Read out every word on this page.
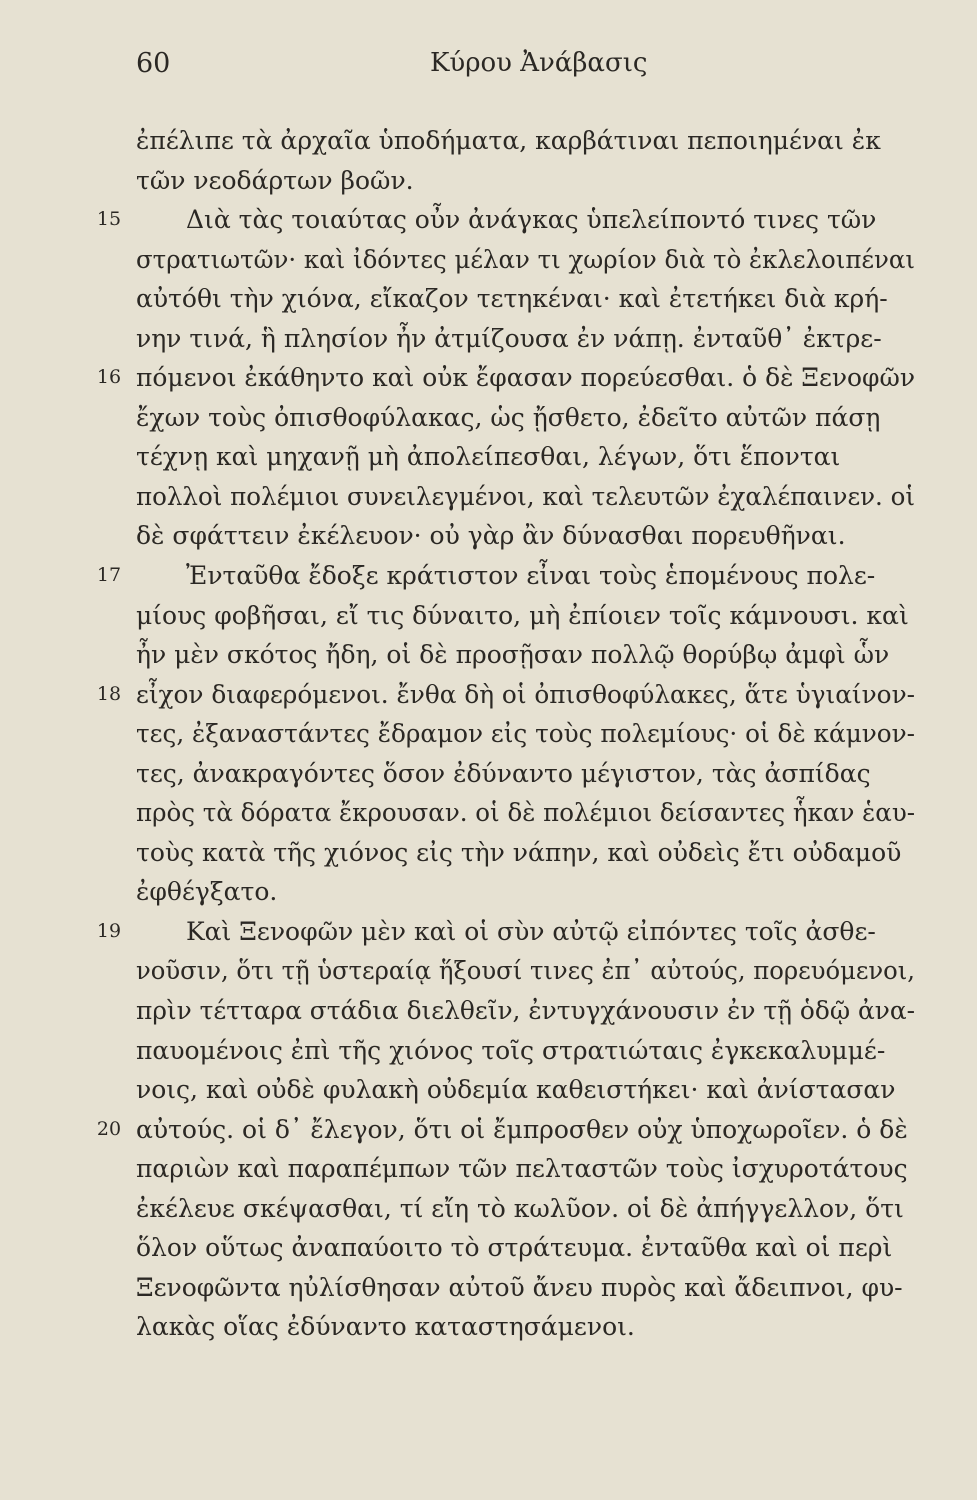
60	Κύρου Ἀνάβασις
ἐπέλιπε τὰ ἀρχαῖα ὑποδήματα, καρβάτιναι πεποιημέναι ἐκ
τῶν νεοδάρτων βοῶν.
15	Διὰ τὰς τοιαύτας οὖν ἀνάγκας ὑπελείποντό τινες τῶν
στρατιωτῶν· καὶ ἰδόντες μέλαν τι χωρίον διὰ τὸ ἐκλελοιπέναι
αὐτόθι τὴν χιόνα, εἴκαζον τετηκέναι· καὶ ἐτετήκει διὰ κρή-
νην τινά, ἣ πλησίον ἦν ἀτμίζουσα ἐν νάπῃ. ἐνταῦθ᾿ ἐκτρε-
16 πόμενοι ἐκάθηντο καὶ οὐκ ἔφασαν πορεύεσθαι. ὁ δὲ Ξενοφῶν
ἔχων τοὺς ὀπισθοφύλακας, ὡς ᾔσθετο, ἐδεῖτο αὐτῶν πάσῃ
τέχνῃ καὶ μηχανῇ μὴ ἀπολείπεσθαι, λέγων, ὅτι ἕπονται
πολλοὶ πολέμιοι συνειλεγμένοι, καὶ τελευτῶν ἐχαλέπαινεν. οἱ
δὲ σφάττειν ἐκέλευον· οὐ γὰρ ἂν δύνασθαι πορευθῆναι.
17	Ἐνταῦθα ἔδοξε κράτιστον εἶναι τοὺς ἑπομένους πολε-
μίους φοβῆσαι, εἴ τις δύναιτο, μὴ ἐπίοιεν τοῖς κάμνουσι. καὶ
ἦν μὲν σκότος ἤδη, οἱ δὲ προσῇσαν πολλῷ θορύβῳ ἀμφὶ ὧν
18 εἶχον διαφερόμενοι. ἔνθα δὴ οἱ ὀπισθοφύλακες, ἅτε ὑγιαίνον-
τες, ἐξαναστάντες ἔδραμον εἰς τοὺς πολεμίους· οἱ δὲ κάμνον-
τες, ἀνακραγόντες ὅσον ἐδύναντο μέγιστον, τὰς ἀσπίδας
πρὸς τὰ δόρατα ἔκρουσαν. οἱ δὲ πολέμιοι δείσαντες ἧκαν ἑαυ-
τοὺς κατὰ τῆς χιόνος εἰς τὴν νάπην, καὶ οὐδεὶς ἔτι οὐδαμοῦ
ἐφθέγξατο.
19	Καὶ Ξενοφῶν μὲν καὶ οἱ σὺν αὐτῷ εἰπόντες τοῖς ἀσθε-
νοῦσιν, ὅτι τῇ ὑστεραίᾳ ἥξουσί τινες ἐπ᾿ αὐτούς, πορευόμενοι,
πρὶν τέτταρα στάδια διελθεῖν, ἐντυγχάνουσιν ἐν τῇ ὁδῷ ἀνα-
παυομένοις ἐπὶ τῆς χιόνος τοῖς στρατιώταις ἐγκεκαλυμμέ-
νοις, καὶ οὐδὲ φυλακὴ οὐδεμία καθειστήκει· καὶ ἀνίστασαν
20 αὐτούς. οἱ δ᾿ ἔλεγον, ὅτι οἱ ἔμπροσθεν οὐχ ὑποχωροῖεν. ὁ δὲ
παριὼν καὶ παραπέμπων τῶν πελταστῶν τοὺς ἰσχυροτάτους
ἐκέλευε σκέψασθαι, τί εἴη τὸ κωλῦον. οἱ δὲ ἀπήγγελλον, ὅτι
ὅλον οὕτως ἀναπαύοιτο τὸ στράτευμα. ἐνταῦθα καὶ οἱ περὶ
Ξενοφῶντα ηὐλίσθησαν αὐτοῦ ἄνευ πυρὸς καὶ ἄδειπνοι, φυ-
λακὰς οἵας ἐδύναντο καταστησάμενοι.
